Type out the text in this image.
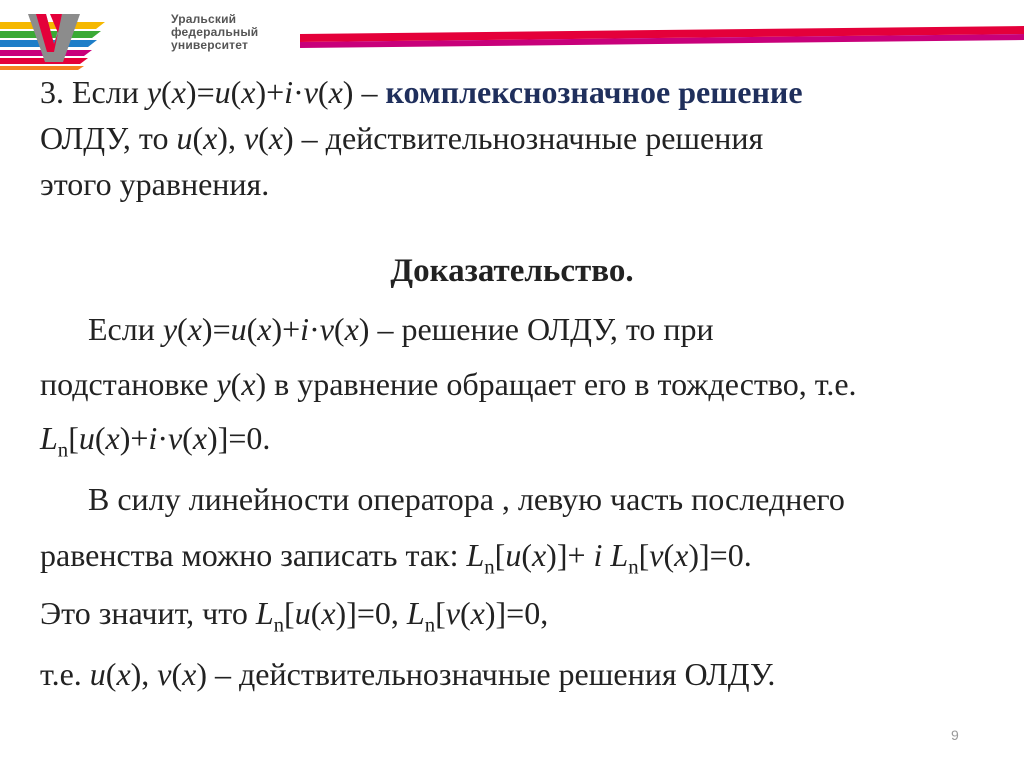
Уральский
федеральный
университет
3. Если y(x)=u(x)+i·v(x) – комплекснозначное решение
ОЛДУ, то u(x), v(x) – действительнозначные решения
этого уравнения.
Доказательство.
Если y(x)=u(x)+i·v(x) – решение ОЛДУ, то при
подстановке y(x) в уравнение обращает его в тождество, т.е.
$L_n[u(x)+i\cdot v(x)]=0$.
В силу линейности оператора , левую часть последнего
равенства можно записать так: $L_n[u(x)]+ i$ $L_n[v(x)]=0$.
Это значит, что $L_n[u(x)]=0$, $L_n[v(x)]=0$,
т.е. u(x), v(x) – действительнозначные решения ОЛДУ.
9
